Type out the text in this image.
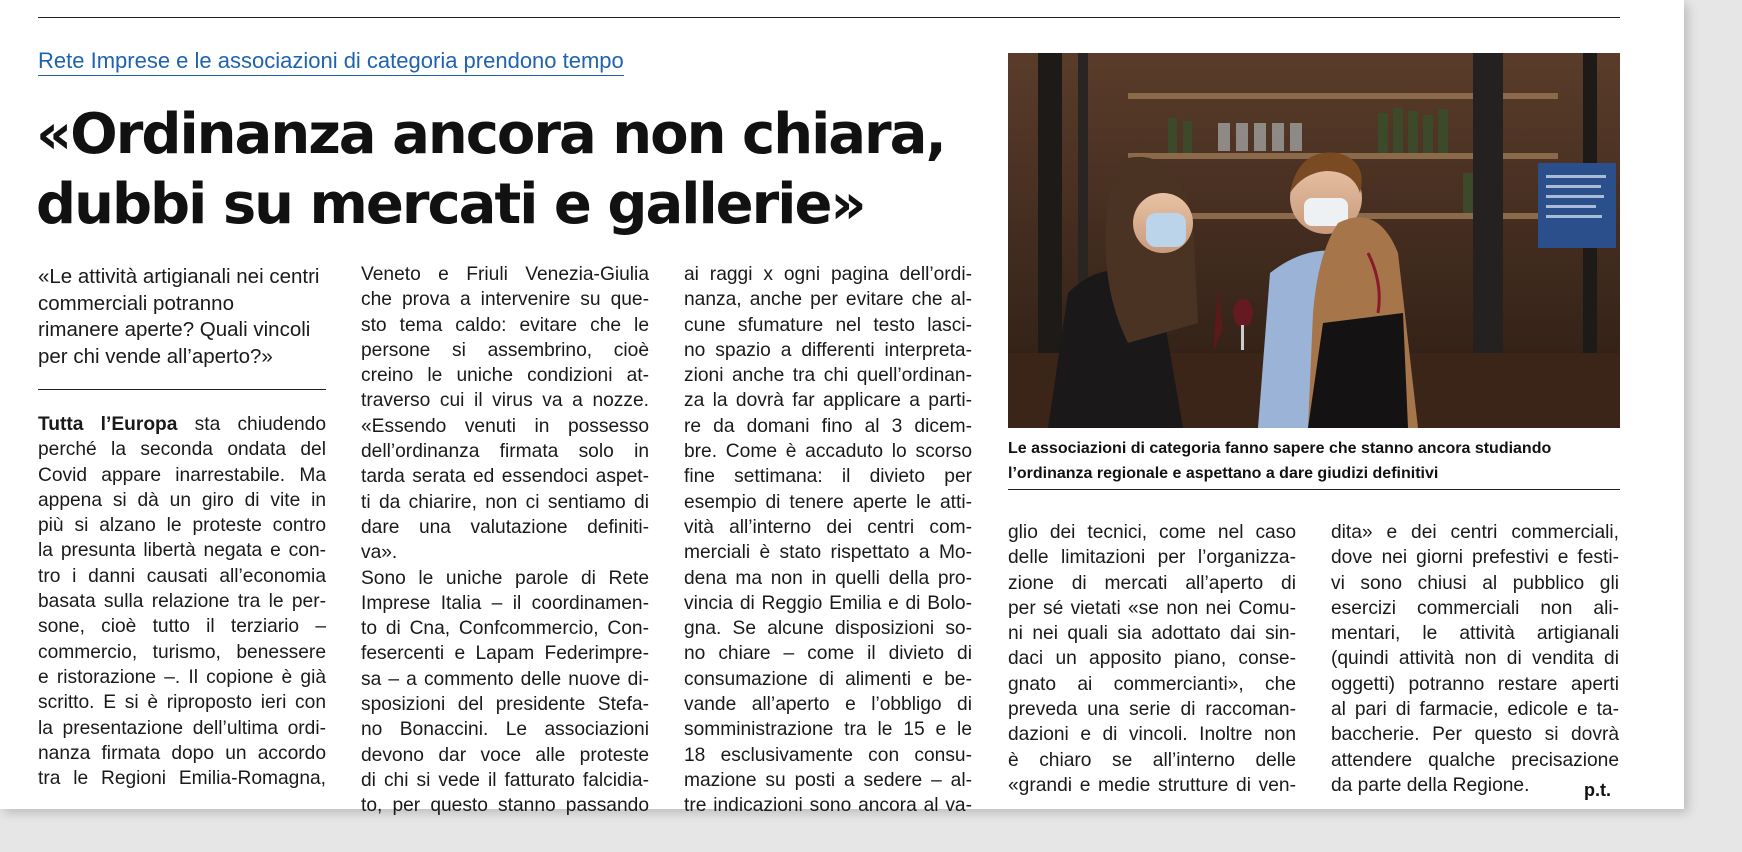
Rete Imprese e le associazioni di categoria prendono tempo
«Ordinanza ancora non chiara,
dubbi su mercati e gallerie»
«Le attività artigianali nei centri
commerciali potranno
rimanere aperte? Quali vincoli
per chi vende all’aperto?»
Tutta l’Europa sta chiudendo
perché la seconda ondata del
Covid appare inarrestabile. Ma
appena si dà un giro di vite in
più si alzano le proteste contro
la presunta libertà negata e con-
tro i danni causati all’economia
basata sulla relazione tra le per-
sone, cioè tutto il terziario –
commercio, turismo, benessere
e ristorazione –. Il copione è già
scritto. E si è riproposto ieri con
la presentazione dell’ultima ordi-
nanza firmata dopo un accordo
tra le Regioni Emilia-Romagna,
Veneto e Friuli Venezia-Giulia
che prova a intervenire su que-
sto tema caldo: evitare che le
persone si assembrino, cioè
creino le uniche condizioni at-
traverso cui il virus va a nozze.
«Essendo venuti in possesso
dell’ordinanza firmata solo in
tarda serata ed essendoci aspet-
ti da chiarire, non ci sentiamo di
dare una valutazione definiti-
va».
Sono le uniche parole di Rete
Imprese Italia – il coordinamen-
to di Cna, Confcommercio, Con-
fesercenti e Lapam Federimpre-
sa – a commento delle nuove di-
sposizioni del presidente Stefa-
no Bonaccini. Le associazioni
devono dar voce alle proteste
di chi si vede il fatturato falcidia-
to, per questo stanno passando
ai raggi x ogni pagina dell’ordi-
nanza, anche per evitare che al-
cune sfumature nel testo lasci-
no spazio a differenti interpreta-
zioni anche tra chi quell’ordinan-
za la dovrà far applicare a parti-
re da domani fino al 3 dicem-
bre. Come è accaduto lo scorso
fine settimana: il divieto per
esempio di tenere aperte le atti-
vità all’interno dei centri com-
merciali è stato rispettato a Mo-
dena ma non in quelli della pro-
vincia di Reggio Emilia e di Bolo-
gna. Se alcune disposizioni so-
no chiare – come il divieto di
consumazione di alimenti e be-
vande all’aperto e l’obbligo di
somministrazione tra le 15 e le
18 esclusivamente con consu-
mazione su posti a sedere – al-
tre indicazioni sono ancora al va-
Le associazioni di categoria fanno sapere che stanno ancora studiando
l’ordinanza regionale e aspettano a dare giudizi definitivi
glio dei tecnici, come nel caso
delle limitazioni per l’organizza-
zione di mercati all’aperto di
per sé vietati «se non nei Comu-
ni nei quali sia adottato dai sin-
daci un apposito piano, conse-
gnato ai commercianti», che
preveda una serie di raccoman-
dazioni e di vincoli. Inoltre non
è chiaro se all’interno delle
«grandi e medie strutture di ven-
dita» e dei centri commerciali,
dove nei giorni prefestivi e festi-
vi sono chiusi al pubblico gli
esercizi commerciali non ali-
mentari, le attività artigianali
(quindi attività non di vendita di
oggetti) potranno restare aperti
al pari di farmacie, edicole e ta-
baccherie. Per questo si dovrà
attendere qualche precisazione
da parte della Regione.	p.t.
